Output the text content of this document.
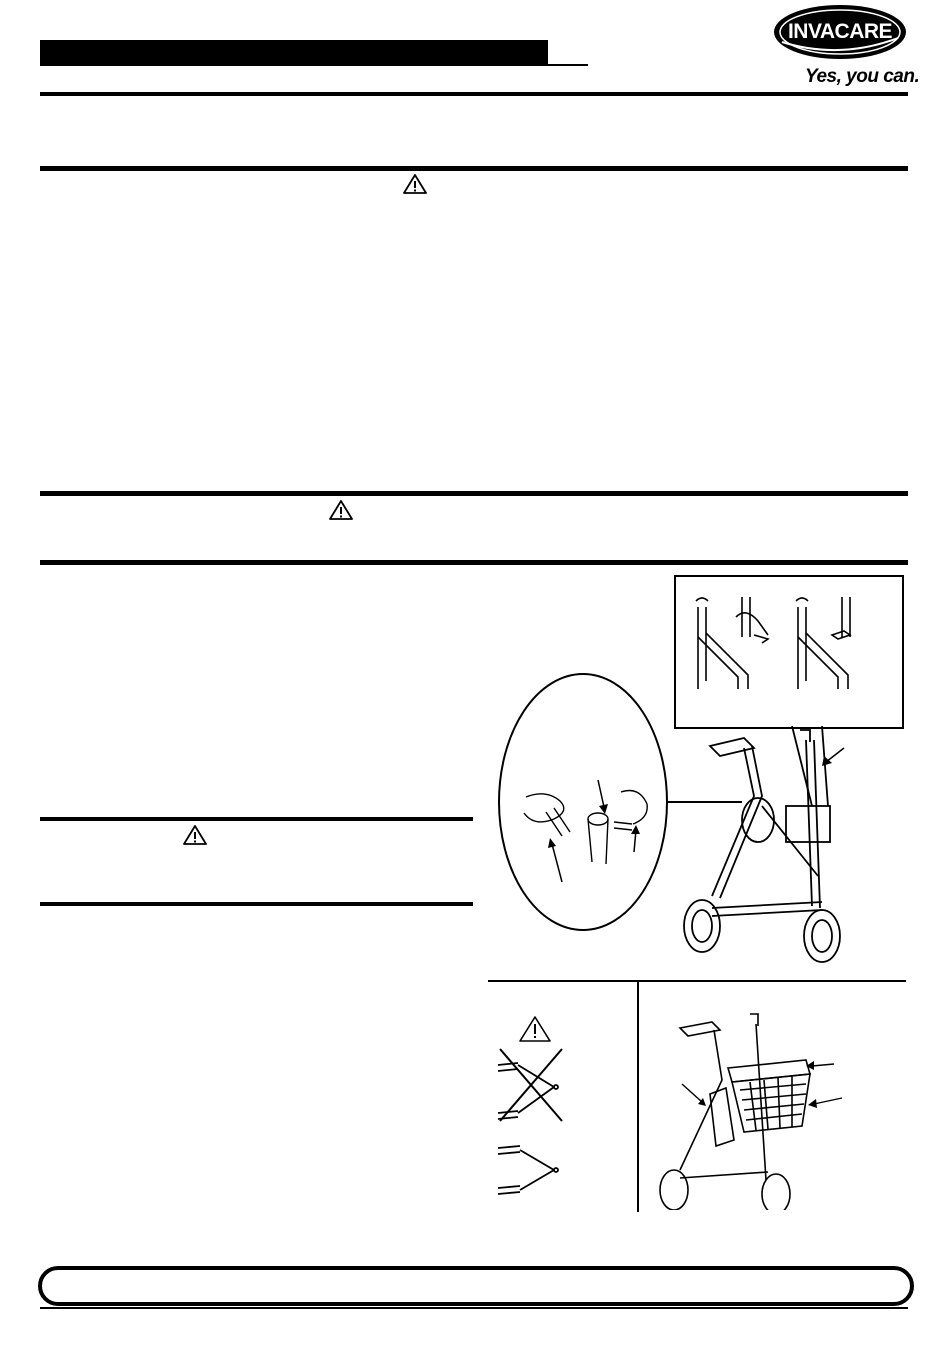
INVACARE
Yes, you can.
